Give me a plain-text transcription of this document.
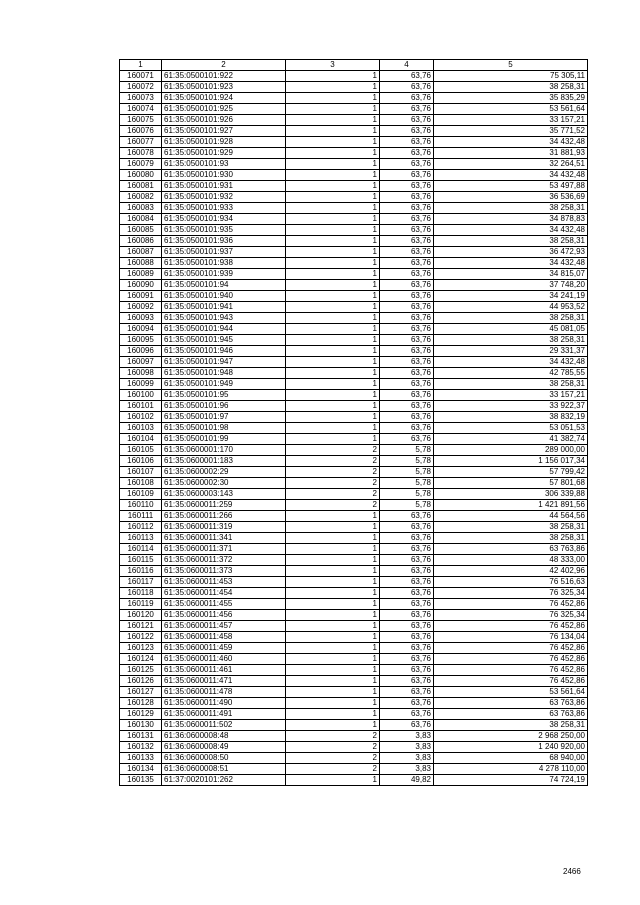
1	2	3	4	5
160071	61:35:0500101:922	1	63,76	75 305,11
160072	61:35:0500101:923	1	63,76	38 258,31
160073	61:35:0500101:924	1	63,76	35 835,29
160074	61:35:0500101:925	1	63,76	53 561,64
160075	61:35:0500101:926	1	63,76	33 157,21
160076	61:35:0500101:927	1	63,76	35 771,52
160077	61:35:0500101:928	1	63,76	34 432,48
160078	61:35:0500101:929	1	63,76	31 881,93
160079	61:35:0500101:93	1	63,76	32 264,51
160080	61:35:0500101:930	1	63,76	34 432,48
160081	61:35:0500101:931	1	63,76	53 497,88
160082	61:35:0500101:932	1	63,76	36 536,69
160083	61:35:0500101:933	1	63,76	38 258,31
160084	61:35:0500101:934	1	63,76	34 878,83
160085	61:35:0500101:935	1	63,76	34 432,48
160086	61:35:0500101:936	1	63,76	38 258,31
160087	61:35:0500101:937	1	63,76	36 472,93
160088	61:35:0500101:938	1	63,76	34 432,48
160089	61:35:0500101:939	1	63,76	34 815,07
160090	61:35:0500101:94	1	63,76	37 748,20
160091	61:35:0500101:940	1	63,76	34 241,19
160092	61:35:0500101:941	1	63,76	44 953,52
160093	61:35:0500101:943	1	63,76	38 258,31
160094	61:35:0500101:944	1	63,76	45 081,05
160095	61:35:0500101:945	1	63,76	38 258,31
160096	61:35:0500101:946	1	63,76	29 331,37
160097	61:35:0500101:947	1	63,76	34 432,48
160098	61:35:0500101:948	1	63,76	42 785,55
160099	61:35:0500101:949	1	63,76	38 258,31
160100	61:35:0500101:95	1	63,76	33 157,21
160101	61:35:0500101:96	1	63,76	33 922,37
160102	61:35:0500101:97	1	63,76	38 832,19
160103	61:35:0500101:98	1	63,76	53 051,53
160104	61:35:0500101:99	1	63,76	41 382,74
160105	61:35:0600001:170	2	5,78	289 000,00
160106	61:35:0600001:183	2	5,78	1 156 017,34
160107	61:35:0600002:29	2	5,78	57 799,42
160108	61:35:0600002:30	2	5,78	57 801,68
160109	61:35:0600003:143	2	5,78	306 339,88
160110	61:35:0600011:259	2	5,78	1 421 891,56
160111	61:35:0600011:266	1	63,76	44 564,56
160112	61:35:0600011:319	1	63,76	38 258,31
160113	61:35:0600011:341	1	63,76	38 258,31
160114	61:35:0600011:371	1	63,76	63 763,86
160115	61:35:0600011:372	1	63,76	48 333,00
160116	61:35:0600011:373	1	63,76	42 402,96
160117	61:35:0600011:453	1	63,76	76 516,63
160118	61:35:0600011:454	1	63,76	76 325,34
160119	61:35:0600011:455	1	63,76	76 452,86
160120	61:35:0600011:456	1	63,76	76 325,34
160121	61:35:0600011:457	1	63,76	76 452,86
160122	61:35:0600011:458	1	63,76	76 134,04
160123	61:35:0600011:459	1	63,76	76 452,86
160124	61:35:0600011:460	1	63,76	76 452,86
160125	61:35:0600011:461	1	63,76	76 452,86
160126	61:35:0600011:471	1	63,76	76 452,86
160127	61:35:0600011:478	1	63,76	53 561,64
160128	61:35:0600011:490	1	63,76	63 763,86
160129	61:35:0600011:491	1	63,76	63 763,86
160130	61:35:0600011:502	1	63,76	38 258,31
160131	61:36:0600008:48	2	3,83	2 968 250,00
160132	61:36:0600008:49	2	3,83	1 240 920,00
160133	61:36:0600008:50	2	3,83	68 940,00
160134	61:36:0600008:51	2	3,83	4 278 110,00
160135	61:37:0020101:262	1	49,82	74 724,19
2466
